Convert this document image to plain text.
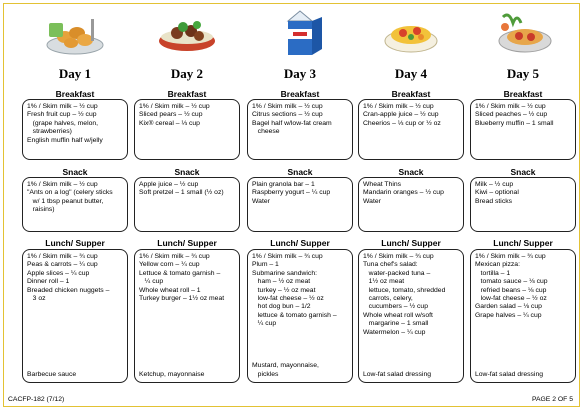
Day 1
Breakfast
1% / Skim milk – ½ cup
Fresh fruit cup – ½ cup
(grape halves, melon,
strawberries)
English muffin half w/jelly
Snack
1% / Skim milk – ½ cup
"Ants on a log" (celery sticks
w/ 1 tbsp peanut butter,
raisins)
Lunch/ Supper
1% / Skim milk – ¾ cup
Peas & carrots – ¼ cup
Apple slices – ¼ cup
Dinner roll – 1
Breaded chicken nuggets –
3 oz
Barbecue sauce
Day 2
Breakfast
1% / Skim milk – ½ cup
Sliced pears – ½ cup
Kix® cereal – ⅓ cup
Snack
Apple juice – ½ cup
Soft pretzel – 1 small (½ oz)
Lunch/ Supper
1% / Skim milk – ¾ cup
Yellow corn – ¼ cup
Lettuce & tomato garnish –
¼ cup
Whole wheat roll – 1
Turkey burger – 1½ oz meat
Ketchup, mayonnaise
Day 3
Breakfast
1% / Skim milk – ½ cup
Citrus sections – ½ cup
Bagel half w/low-fat cream
cheese
Snack
Plain granola bar – 1
Raspberry yogurt – ¼ cup
Water
Lunch/ Supper
1% / Skim milk – ¾ cup
Plum – 1
Submarine sandwich:
ham – ½ oz meat
turkey – ½ oz meat
low-fat cheese – ½ oz
hot dog bun – 1/2
lettuce & tomato garnish –
¼ cup
Mustard, mayonnaise,
pickles
Day 4
Breakfast
1% / Skim milk – ½ cup
Cran-apple juice – ½ cup
Cheerios – ⅓ cup or ½ oz
Snack
Wheat Thins
Mandarin oranges – ½ cup
Water
Lunch/ Supper
1% / Skim milk – ¾ cup
Tuna chef's salad:
water-packed tuna –
1½ oz meat
lettuce, tomato, shredded
carrots, celery,
cucumbers – ½ cup
Whole wheat roll w/soft
margarine – 1 small
Watermelon – ¼ cup
Low-fat salad dressing
Day 5
Breakfast
1% / Skim milk – ½ cup
Sliced peaches – ½ cup
Blueberry muffin – 1 small
Snack
Milk – ½ cup
Kiwi – optional
Bread sticks
Lunch/ Supper
1% / Skim milk – ¾ cup
Mexican pizza:
tortilla – 1
tomato sauce – ⅛ cup
refried beans – ⅛ cup
low-fat cheese – ½ oz
Garden salad – ⅛ cup
Grape halves – ¼ cup
Low-fat salad dressing
CACFP-182 (7/12)	PAGE 2 OF 5
